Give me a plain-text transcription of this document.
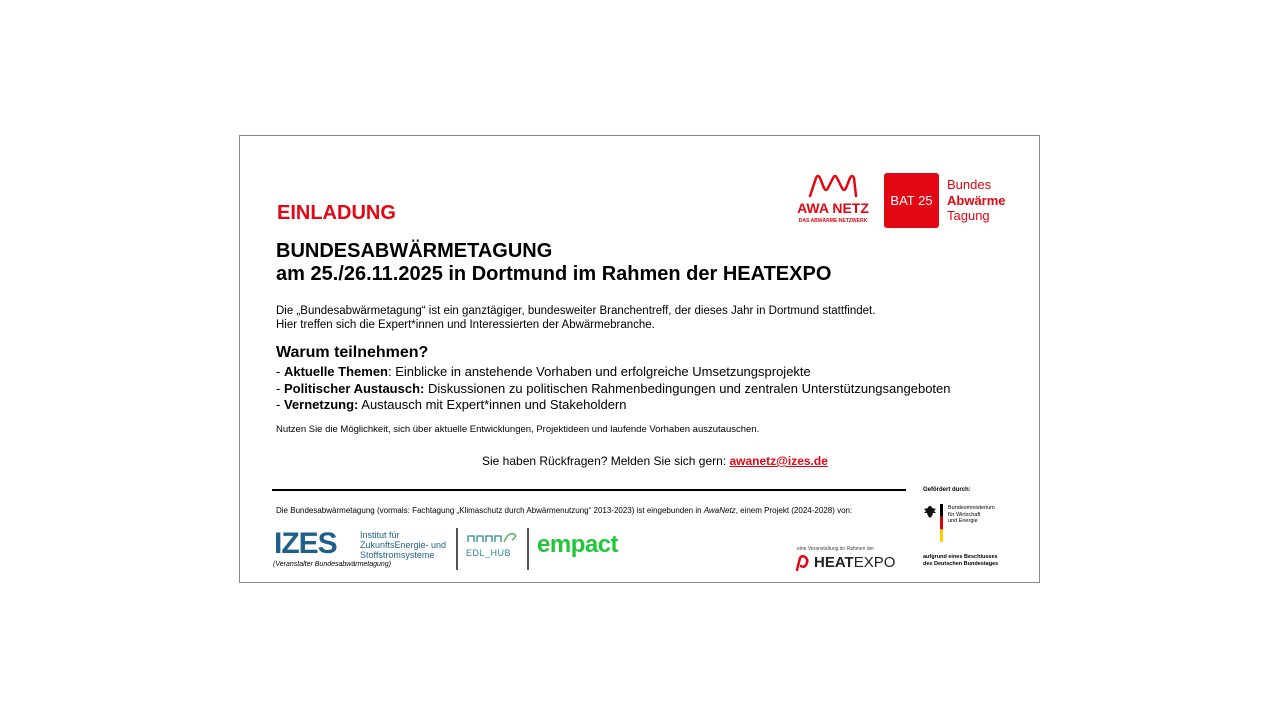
AWA NETZ
DAS ABWÄRME-NETZWERK
BAT 25
Bundes
Abwärme
Tagung
EINLADUNG
BUNDESABWÄRMETAGUNG
am 25./26.11.2025 in Dortmund im Rahmen der HEATEXPO
Die „Bundesabwärmetagung“ ist ein ganztägiger, bundesweiter Branchentreff, der dieses Jahr in Dortmund stattfindet.
Hier treffen sich die Expert*innen und Interessierten der Abwärmebranche.
Warum teilnehmen?
- Aktuelle Themen: Einblicke in anstehende Vorhaben und erfolgreiche Umsetzungsprojekte
- Politischer Austausch: Diskussionen zu politischen Rahmenbedingungen und zentralen Unterstützungsangeboten
- Vernetzung: Austausch mit Expert*innen und Stakeholdern
Nutzen Sie die Möglichkeit, sich über aktuelle Entwicklungen, Projektideen und laufende Vorhaben auszutauschen.
Sie haben Rückfragen? Melden Sie sich gern: awanetz@izes.de
Die Bundesabwärmetagung (vormals: Fachtagung „Klimaschutz durch Abwärmenutzung“ 2013-2023) ist eingebunden in AwaNetz, einem Projekt (2024-2028) von:
IZES	Institut für
ZukunftsEnergie- und
Stoffstromsysteme
(Veranstalter Bundesabwärmetagung)
EDL_HUB empact	eine Veranstaltung im Rahmen der
HEAT EXPO
Gefördert durch:
Bundesministerium
für Wirtschaft
und Energie
aufgrund eines Beschlusses
des Deutschen Bundestages
